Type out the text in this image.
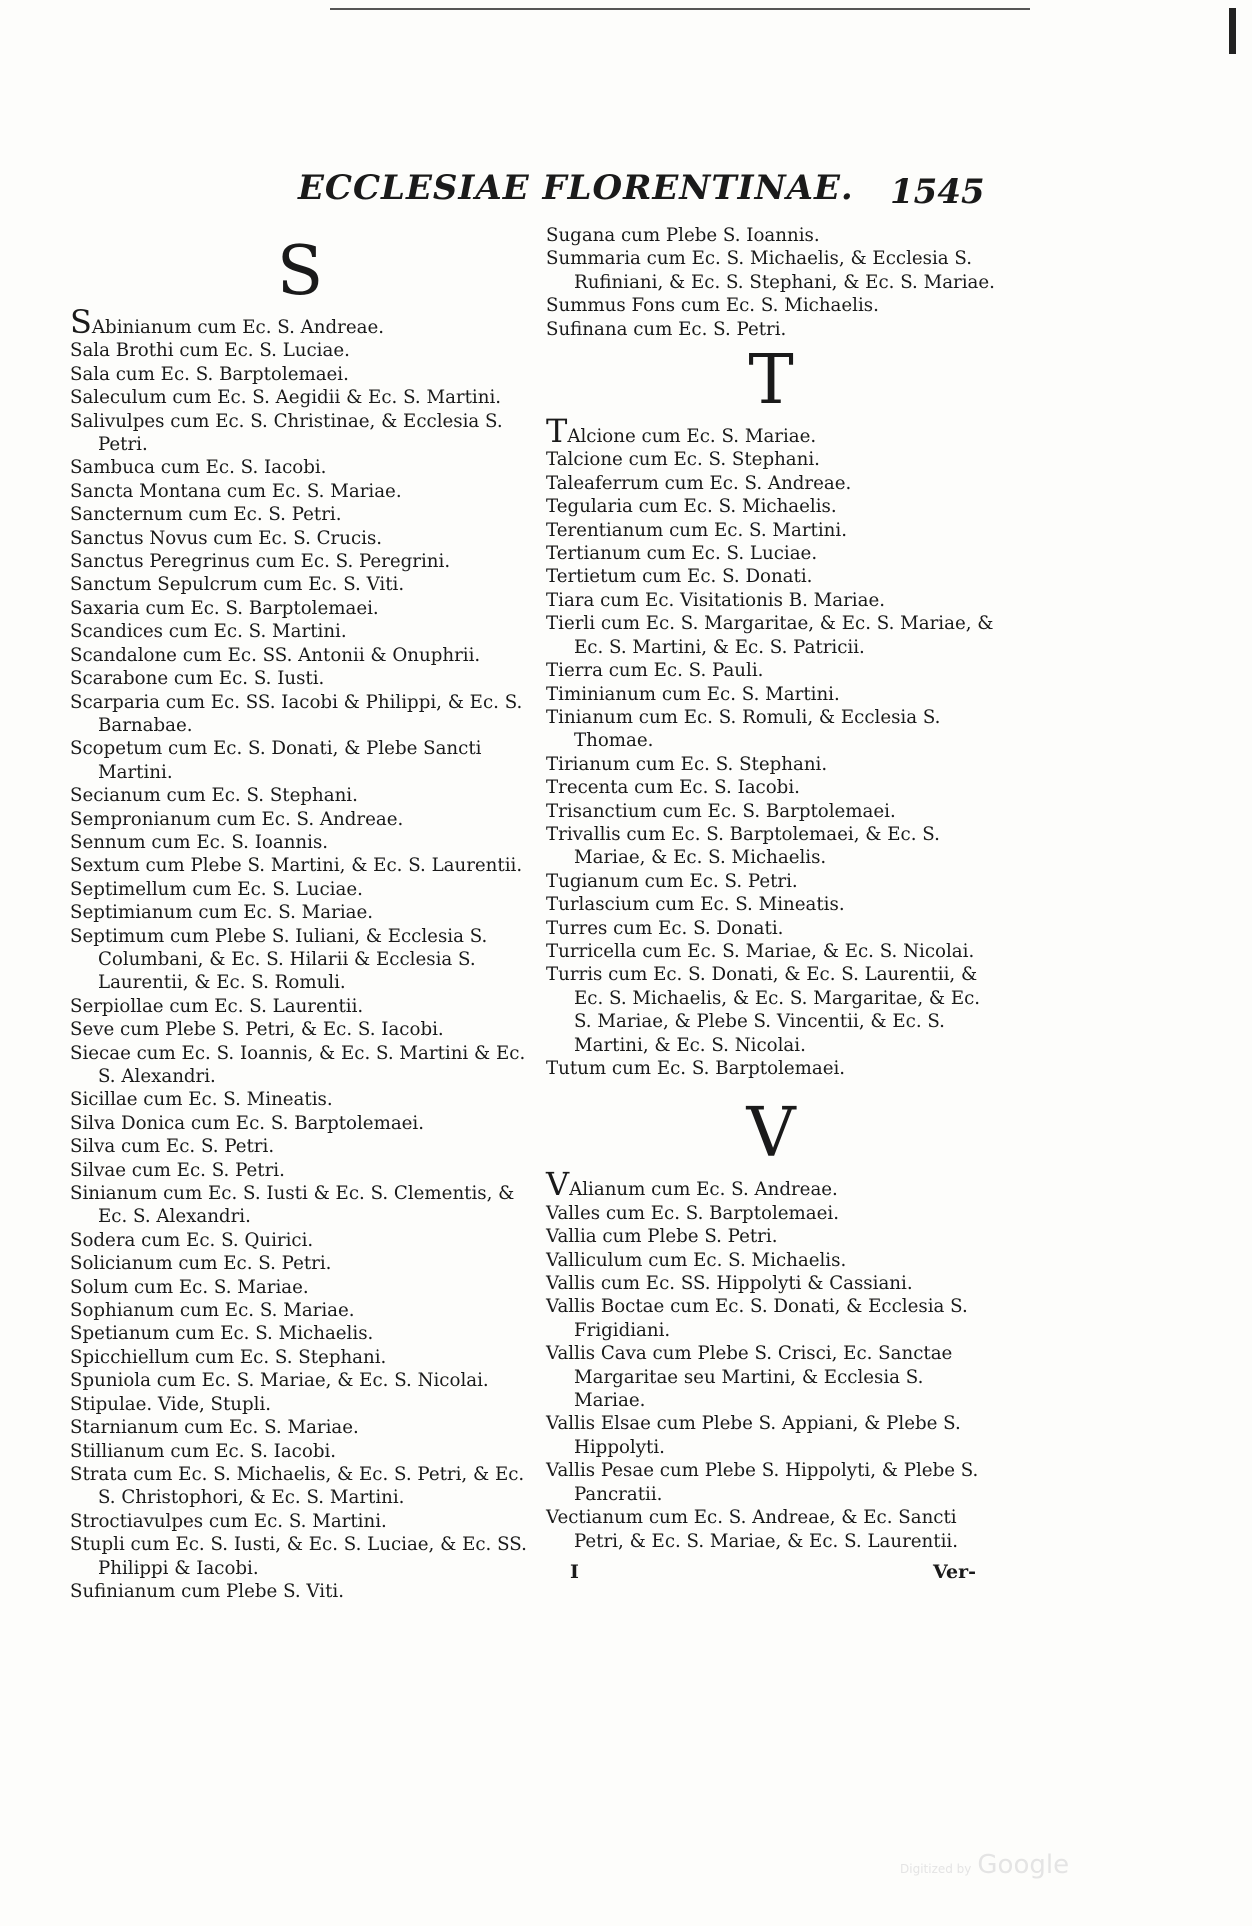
ECCLESIAE FLORENTINAE. 1545
S
SAbinianum cum Ec. S. Andreae.
Sala Brothi cum Ec. S. Luciae.
Sala cum Ec. S. Barptolemaei.
Saleculum cum Ec. S. Aegidii & Ec. S. Martini.
Salivulpes cum Ec. S. Christinae, & Ecclesia S. Petri.
Sambuca cum Ec. S. Iacobi.
Sancta Montana cum Ec. S. Mariae.
Sancternum cum Ec. S. Petri.
Sanctus Novus cum Ec. S. Crucis.
Sanctus Peregrinus cum Ec. S. Peregrini.
Sanctum Sepulcrum cum Ec. S. Viti.
Saxaria cum Ec. S. Barptolemaei.
Scandices cum Ec. S. Martini.
Scandalone cum Ec. SS. Antonii & Onuphrii.
Scarabone cum Ec. S. Iusti.
Scarparia cum Ec. SS. Iacobi & Philippi, & Ec. S. Barnabae.
Scopetum cum Ec. S. Donati, & Plebe Sancti Martini.
Secianum cum Ec. S. Stephani.
Sempronianum cum Ec. S. Andreae.
Sennum cum Ec. S. Ioannis.
Sextum cum Plebe S. Martini, & Ec. S. Laurentii.
Septimellum cum Ec. S. Luciae.
Septimianum cum Ec. S. Mariae.
Septimum cum Plebe S. Iuliani, & Ecclesia S. Columbani, & Ec. S. Hilarii & Ecclesia S. Laurentii, & Ec. S. Romuli.
Serpiollae cum Ec. S. Laurentii.
Seve cum Plebe S. Petri, & Ec. S. Iacobi.
Siecae cum Ec. S. Ioannis, & Ec. S. Martini & Ec. S. Alexandri.
Sicillae cum Ec. S. Mineatis.
Silva Donica cum Ec. S. Barptolemaei.
Silva cum Ec. S. Petri.
Silvae cum Ec. S. Petri.
Sinianum cum Ec. S. Iusti & Ec. S. Clementis, & Ec. S. Alexandri.
Sodera cum Ec. S. Quirici.
Solicianum cum Ec. S. Petri.
Solum cum Ec. S. Mariae.
Sophianum cum Ec. S. Mariae.
Spetianum cum Ec. S. Michaelis.
Spicchiellum cum Ec. S. Stephani.
Spuniola cum Ec. S. Mariae, & Ec. S. Nicolai.
Stipulae. Vide, Stupli.
Starnianum cum Ec. S. Mariae.
Stillianum cum Ec. S. Iacobi.
Strata cum Ec. S. Michaelis, & Ec. S. Petri, & Ec. S. Christophori, & Ec. S. Martini.
Stroctiavulpes cum Ec. S. Martini.
Stupli cum Ec. S. Iusti, & Ec. S. Luciae, & Ec. SS. Philippi & Iacobi.
Sufinianum cum Plebe S. Viti.
Sugana cum Plebe S. Ioannis.
Summaria cum Ec. S. Michaelis, & Ecclesia S. Rufiniani, & Ec. S. Stephani, & Ec. S. Mariae.
Summus Fons cum Ec. S. Michaelis.
Sufinana cum Ec. S. Petri.
T
TAlcione cum Ec. S. Mariae.
Talcione cum Ec. S. Stephani.
Taleaferrum cum Ec. S. Andreae.
Tegularia cum Ec. S. Michaelis.
Terentianum cum Ec. S. Martini.
Tertianum cum Ec. S. Luciae.
Tertietum cum Ec. S. Donati.
Tiara cum Ec. Visitationis B. Mariae.
Tierli cum Ec. S. Margaritae, & Ec. S. Mariae, & Ec. S. Martini, & Ec. S. Patricii.
Tierra cum Ec. S. Pauli.
Timinianum cum Ec. S. Martini.
Tinianum cum Ec. S. Romuli, & Ecclesia S. Thomae.
Tirianum cum Ec. S. Stephani.
Trecenta cum Ec. S. Iacobi.
Trisanctium cum Ec. S. Barptolemaei.
Trivallis cum Ec. S. Barptolemaei, & Ec. S. Mariae, & Ec. S. Michaelis.
Tugianum cum Ec. S. Petri.
Turlascium cum Ec. S. Mineatis.
Turres cum Ec. S. Donati.
Turricella cum Ec. S. Mariae, & Ec. S. Nicolai.
Turris cum Ec. S. Donati, & Ec. S. Laurentii, & Ec. S. Michaelis, & Ec. S. Margaritae, & Ec. S. Mariae, & Plebe S. Vincentii, & Ec. S. Martini, & Ec. S. Nicolai.
Tutum cum Ec. S. Barptolemaei.
V
VAlianum cum Ec. S. Andreae.
Valles cum Ec. S. Barptolemaei.
Vallia cum Plebe S. Petri.
Valliculum cum Ec. S. Michaelis.
Vallis cum Ec. SS. Hippolyti & Cassiani.
Vallis Boctae cum Ec. S. Donati, & Ecclesia S. Frigidiani.
Vallis Cava cum Plebe S. Crisci, Ec. Sanctae Margaritae seu Martini, & Ecclesia S. Mariae.
Vallis Elsae cum Plebe S. Appiani, & Plebe S. Hippolyti.
Vallis Pesae cum Plebe S. Hippolyti, & Plebe S. Pancratii.
Vectianum cum Ec. S. Andreae, & Ec. Sancti Petri, & Ec. S. Mariae, & Ec. S. Laurentii.
I	Ver-
Digitized by Google
